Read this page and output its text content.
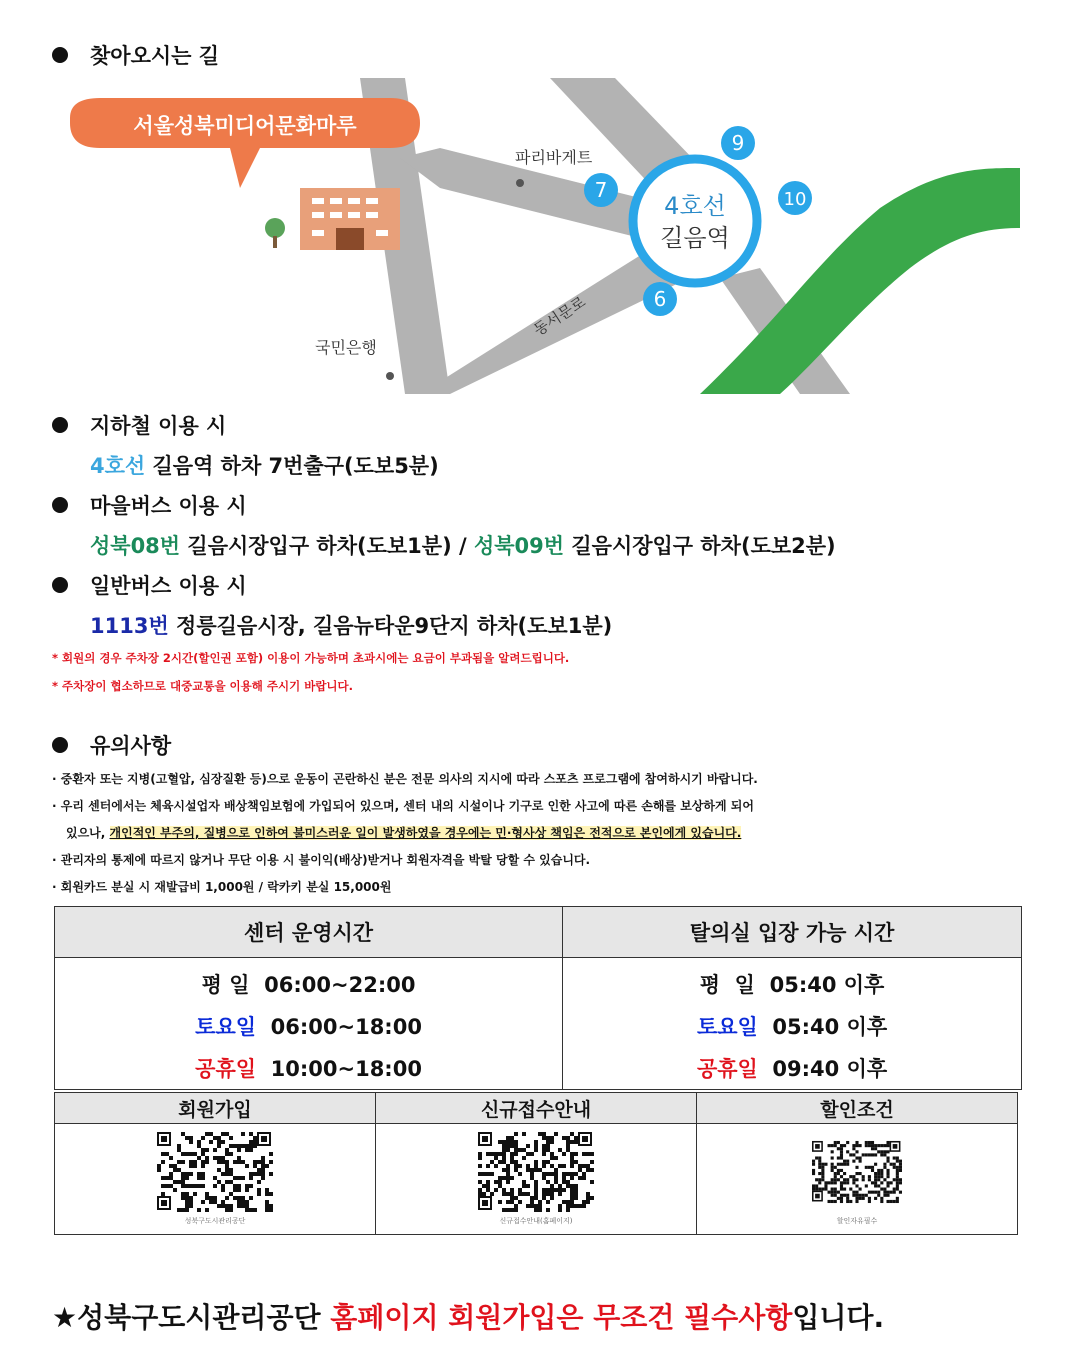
찾아오시는 길
서울성북미디어문화마루
파리바게트
국민은행
동서문로
4호선
길음역
9
7	10
6
지하철 이용 시
4호선 길음역 하차 7번출구(도보5분)
마을버스 이용 시
성북08번 길음시장입구 하차(도보1분) / 성북09번 길음시장입구 하차(도보2분)
일반버스 이용 시
1113번 정릉길음시장, 길음뉴타운9단지 하차(도보1분)
* 회원의 경우 주차장 2시간(할인권 포함) 이용이 가능하며 초과시에는 요금이 부과됨을 알려드립니다.
* 주차장이 협소하므로 대중교통을 이용해 주시기 바랍니다.
유의사항
· 중환자 또는 지병(고혈압, 심장질환 등)으로 운동이 곤란하신 분은 전문 의사의 지시에 따라 스포츠 프로그램에 참여하시기 바랍니다.
· 우리 센터에서는 체육시설업자 배상책임보험에 가입되어 있으며, 센터 내의 시설이나 기구로 인한 사고에 따른 손해를 보상하게 되어
있으나, 개인적인 부주의, 질병으로 인하여 불미스러운 일이 발생하였을 경우에는 민·형사상 책임은 전적으로 본인에게 있습니다.
· 관리자의 통제에 따르지 않거나 무단 이용 시 불이익(배상)받거나 회원자격을 박탈 당할 수 있습니다.
· 회원카드 분실 시 재발급비 1,000원 / 락카키 분실 15,000원
센터 운영시간	탈의실 입장 가능 시간
평 일 06:00~22:00	평  일 05:40 이후
토요일 06:00~18:00	토요일 05:40 이후
공휴일 10:00~18:00	공휴일 09:40 이후
회원가입	신규접수안내	할인조건

성북구도시관리공단	신규접수안내(홈페이지)	할인자유필수
★성북구도시관리공단 홈페이지 회원가입은 무조건 필수사항입니다.
